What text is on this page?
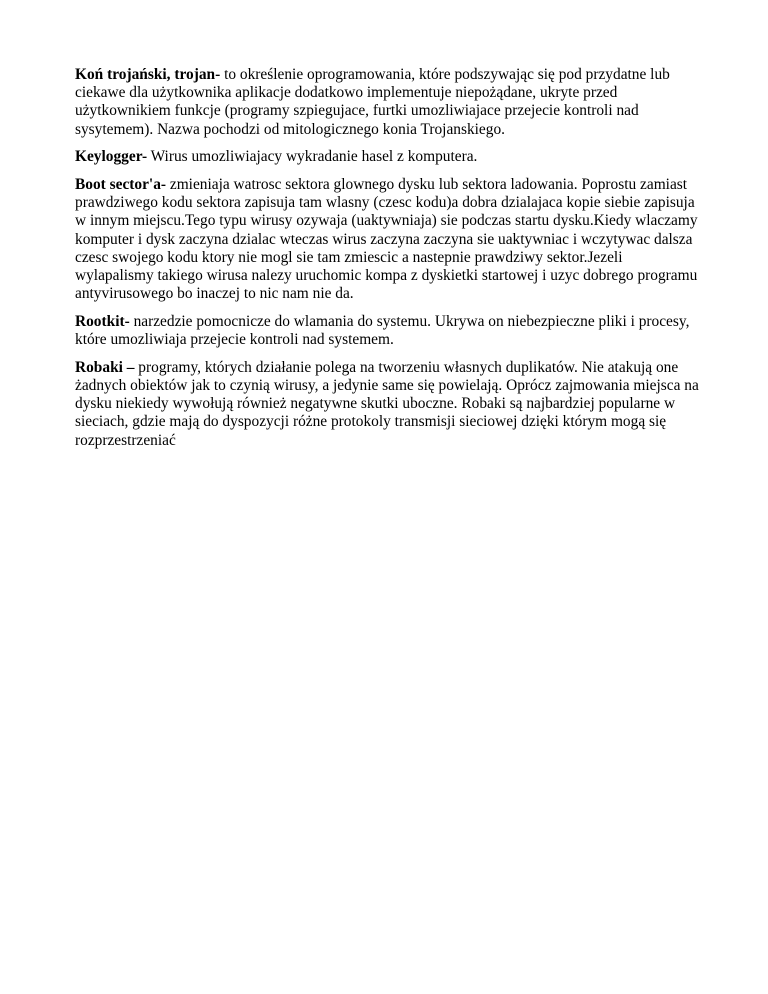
Koń trojański, trojan- to określenie oprogramowania, które podszywając się pod przydatne lub ciekawe dla użytkownika aplikacje dodatkowo implementuje niepożądane, ukryte przed użytkownikiem funkcje (programy szpiegujace, furtki umozliwiajace przejecie kontroli nad sysytemem). Nazwa pochodzi od mitologicznego konia Trojanskiego.

Keylogger- Wirus umozliwiajacy wykradanie hasel z komputera.

Boot sector'a- zmieniaja watrosc sektora glownego dysku lub sektora ladowania. Poprostu zamiast prawdziwego kodu sektora zapisuja tam wlasny (czesc kodu)a dobra dzialajaca kopie siebie zapisuja w innym miejscu.Tego typu wirusy ozywaja (uaktywniaja) sie podczas startu dysku.Kiedy wlaczamy komputer i dysk zaczyna dzialac wteczas wirus zaczyna zaczyna sie uaktywniac i wczytywac dalsza czesc swojego kodu ktory nie mogl sie tam zmiescic a nastepnie prawdziwy sektor.Jezeli wylapalismy takiego wirusa nalezy uruchomic kompa z dyskietki startowej i uzyc dobrego programu antyvirusowego bo inaczej to nic nam nie da.

Rootkit- narzedzie pomocnicze do wlamania do systemu. Ukrywa on niebezpieczne pliki i procesy, które umozliwiaja przejecie kontroli nad systemem.

Robaki – programy, których działanie polega na tworzeniu własnych duplikatów. Nie atakują one żadnych obiektów jak to czynią wirusy, a jedynie same się powielają. Oprócz zajmowania miejsca na dysku niekiedy wywołują również negatywne skutki uboczne. Robaki są najbardziej popularne w sieciach, gdzie mają do dyspozycji różne protokoly transmisji sieciowej dzięki którym mogą się rozprzestrzeniać
